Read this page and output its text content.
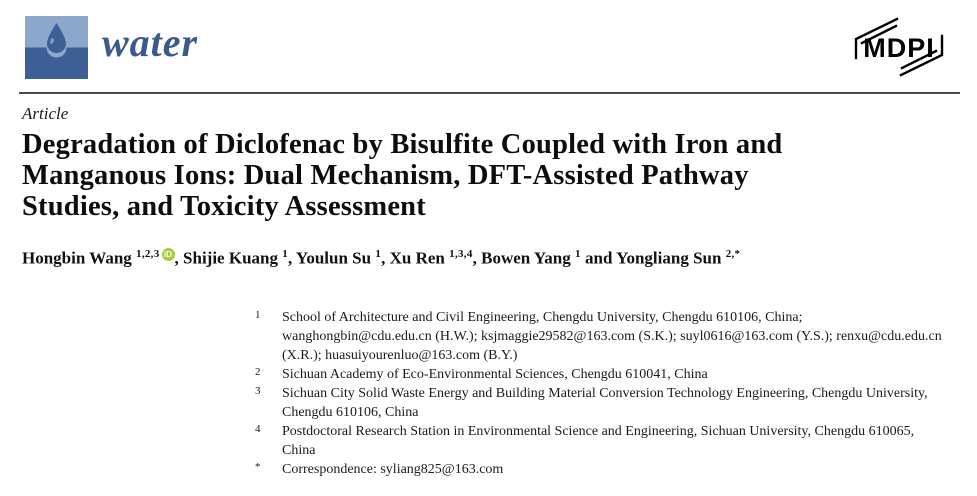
water	MDPI
Article
Degradation of Diclofenac by Bisulfite Coupled with Iron and
Manganous Ions: Dual Mechanism, DFT-Assisted Pathway
Studies, and Toxicity Assessment
Hongbin Wang $^{1,2,3}$ iD , Shijie Kuang $^1$, Youlun Su $^1$, Xu Ren $^{1,3,4}$, Bowen Yang $^1$ and Yongliang Sun $^{2,*}$
1	School of Architecture and Civil Engineering, Chengdu University, Chengdu 610106, China; wanghongbin@cdu.edu.cn (H.W.); ksjmaggie29582@163.com (S.K.); suyl0616@163.com (Y.S.); renxu@cdu.edu.cn (X.R.); huasuiyourenluo@163.com (B.Y.)
2	Sichuan Academy of Eco-Environmental Sciences, Chengdu 610041, China
3	Sichuan City Solid Waste Energy and Building Material Conversion Technology Engineering, Chengdu University, Chengdu 610106, China
4	Postdoctoral Research Station in Environmental Science and Engineering, Sichuan University, Chengdu 610065, China
*	Correspondence: syliang825@163.com
